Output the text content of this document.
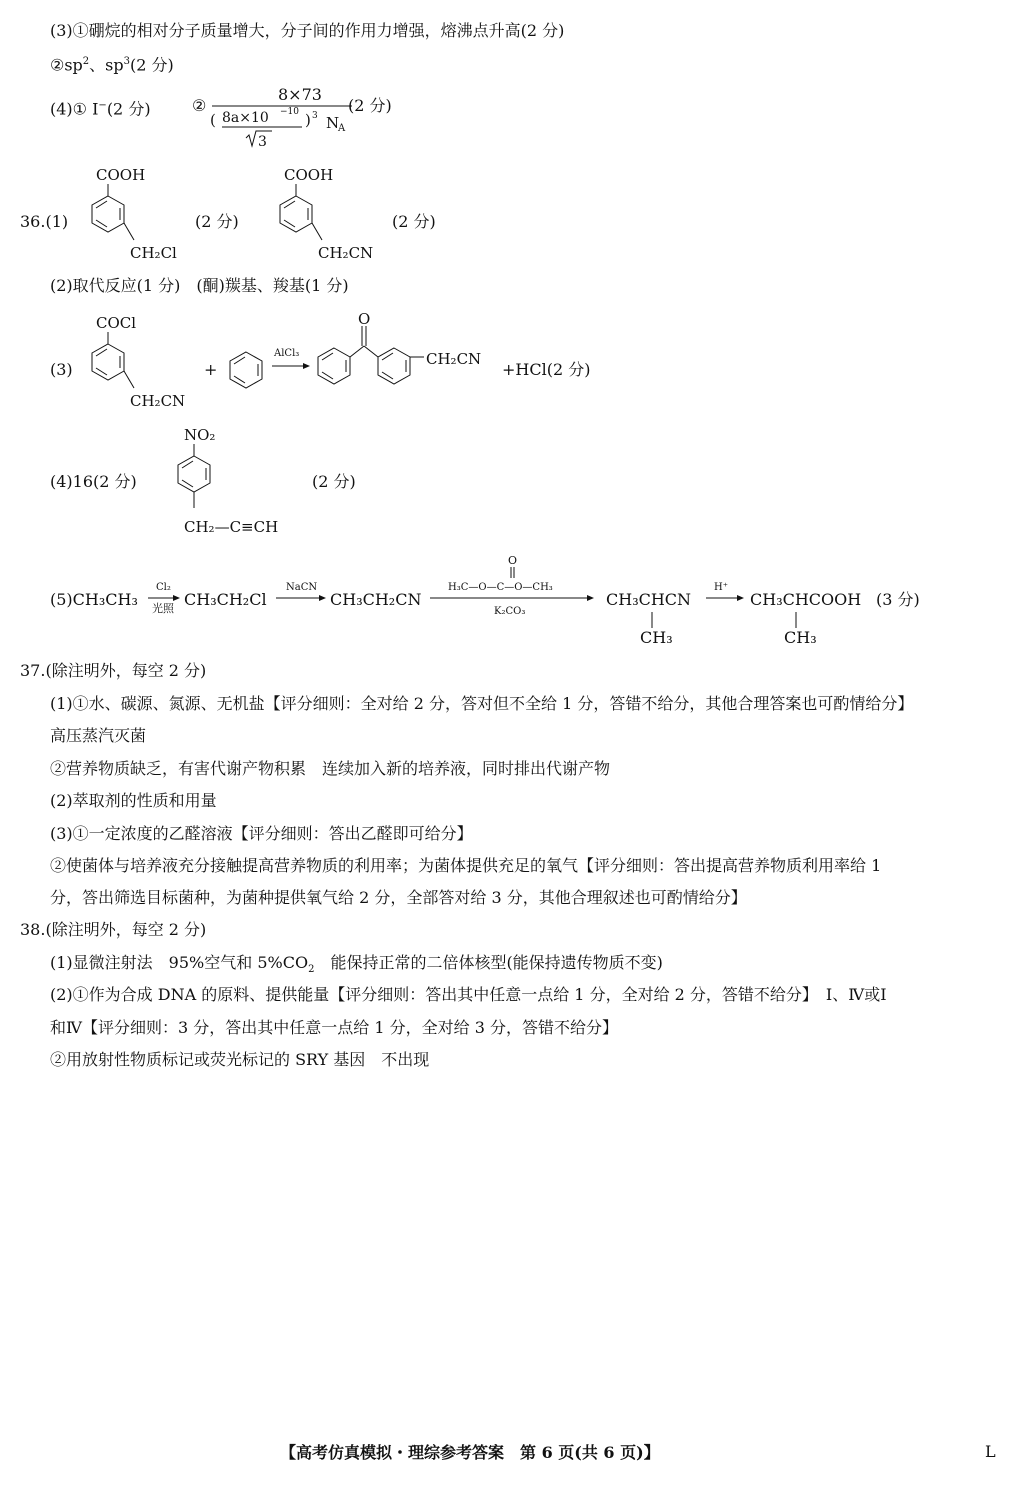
(3)①硼烷的相对分子质量增大，分子间的作用力增强，熔沸点升高(2 分)
$②sp^2$、$sp^3(2$ 分)
(4)① I−(2 分)	②
8×73
( 8a×10 −10
3
) 3 N
A
(2 分)
36.(1)
COOH
CH₂Cl
(2 分)
COOH
CH₂CN
(2 分)
(2)取代反应(1 分)　(酮)羰基、羧基(1 分)
(3)
COCl
CH₂CN
+
AlCl₃
O
CH₂CN
+HCl(2 分)
(4)16(2 分)
NO₂
CH₂—C≡CH
(2 分)
(5)CH₃CH₃
Cl₂
光照 CH₃CH₂Cl
NaCN
CH₃CH₂CN
O
H₃C—O—C—O—CH₃
K₂CO₃
CH₃CHCN
CH₃
H⁺
CH₃CHCOOH
CH₃
(3 分)
37.(除注明外，每空 2 分)
(1)①水、碳源、氮源、无机盐【评分细则：全对给 2 分，答对但不全给 1 分，答错不给分，其他合理答案也可酌情给分】
高压蒸汽灭菌
②营养物质缺乏，有害代谢产物积累　连续加入新的培养液，同时排出代谢产物
(2)萃取剂的性质和用量
(3)①一定浓度的乙醛溶液【评分细则：答出乙醛即可给分】
②使菌体与培养液充分接触提高营养物质的利用率；为菌体提供充足的氧气【评分细则：答出提高营养物质利用率给 1
分，答出筛选目标菌种，为菌种提供氧气给 2 分，全部答对给 3 分，其他合理叙述也可酌情给分】
38.(除注明外，每空 2 分)
(1)显微注射法　95%空气和 $5\%CO_2$　能保持正常的二倍体核型(能保持遗传物质不变)
(2)①作为合成 DNA 的原料、提供能量【评分细则：答出其中任意一点给 1 分，全对给 2 分，答错不给分】　Ⅰ、Ⅳ或Ⅰ
和Ⅳ【评分细则：3 分，答出其中任意一点给 1 分，全对给 3 分，答错不给分】
②用放射性物质标记或荧光标记的 SRY 基因　不出现
【高考仿真模拟・理综参考答案　第 6 页(共 6 页)】	L
